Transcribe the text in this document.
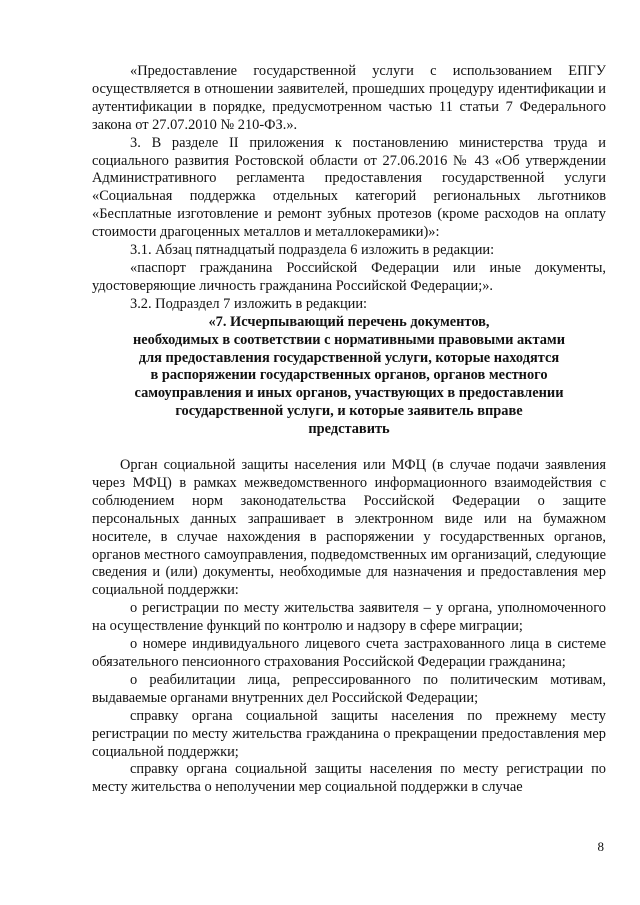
«Предоставление государственной услуги с использованием ЕПГУ осуществляется в отношении заявителей, прошедших процедуру идентификации и аутентификации в порядке, предусмотренном частью 11 статьи 7 Федерального закона от 27.07.2010 № 210-ФЗ.».

3. В разделе II приложения к постановлению министерства труда и социального развития Ростовской области от 27.06.2016 № 43 «Об утверждении Административного регламента предоставления государственной услуги «Социальная поддержка отдельных категорий региональных льготников «Бесплатные изготовление и ремонт зубных протезов (кроме расходов на оплату стоимости драгоценных металлов и металлокерамики)»:

3.1. Абзац пятнадцатый подраздела 6 изложить в редакции:

«паспорт гражданина Российской Федерации или иные документы, удостоверяющие личность гражданина Российской Федерации;».

3.2. Подраздел 7 изложить в редакции:

«7. Исчерпывающий перечень документов,
необходимых в соответствии с нормативными правовыми актами
для предоставления государственной услуги, которые находятся
в распоряжении государственных органов, органов местного
самоуправления и иных органов, участвующих в предоставлении
государственной услуги, и которые заявитель вправе
представить

Орган социальной защиты населения или МФЦ (в случае подачи заявления через МФЦ) в рамках межведомственного информационного взаимодействия с соблюдением норм законодательства Российской Федерации о защите персональных данных запрашивает в электронном виде или на бумажном носителе, в случае нахождения в распоряжении у государственных органов, органов местного самоуправления, подведомственных им организаций, следующие сведения и (или) документы, необходимые для назначения и предоставления мер социальной поддержки:

о регистрации по месту жительства заявителя – у органа, уполномоченного на осуществление функций по контролю и надзору в сфере миграции;

о номере индивидуального лицевого счета застрахованного лица в системе обязательного пенсионного страхования Российской Федерации гражданина;

о реабилитации лица, репрессированного по политическим мотивам, выдаваемые органами внутренних дел Российской Федерации;

справку органа социальной защиты населения по прежнему месту регистрации по месту жительства гражданина о прекращении предоставления мер социальной поддержки;

справку органа социальной защиты населения по месту регистрации по месту жительства о неполучении мер социальной поддержки в случае

8
